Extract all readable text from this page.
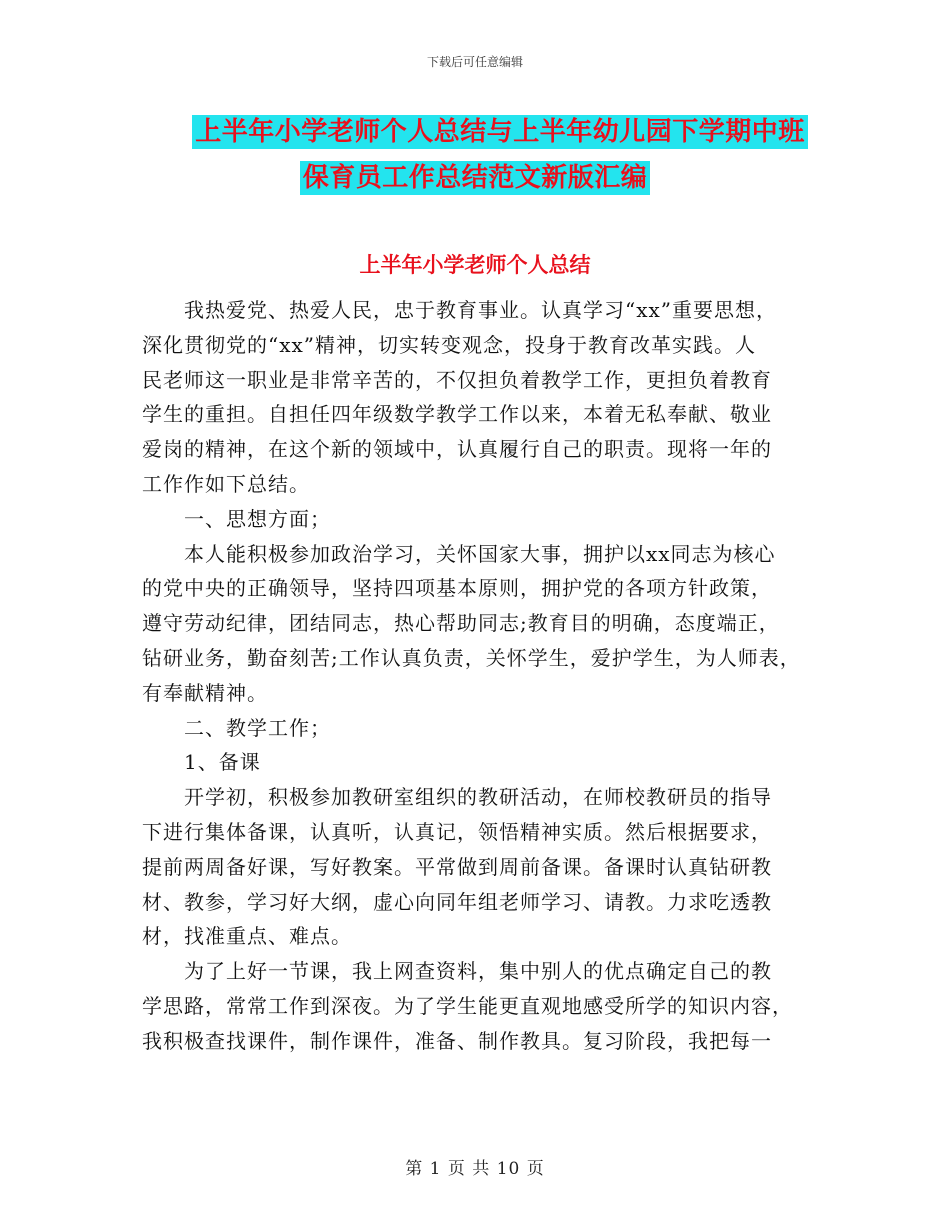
下载后可任意编辑
上半年小学老师个人总结与上半年幼儿园下学期中班
保育员工作总结范文新版汇编
上半年小学老师个人总结

　　我热爱党、热爱人民，忠于教育事业。认真学习“xx”重要思想，

深化贯彻党的“xx”精神，切实转变观念，投身于教育改革实践。人

民老师这一职业是非常辛苦的，不仅担负着教学工作，更担负着教育

学生的重担。自担任四年级数学教学工作以来，本着无私奉献、敬业

爱岗的精神，在这个新的领域中，认真履行自己的职责。现将一年的

工作作如下总结。

　　一、思想方面；

　　本人能积极参加政治学习，关怀国家大事，拥护以xx同志为核心

的党中央的正确领导，坚持四项基本原则，拥护党的各项方针政策，

遵守劳动纪律，团结同志，热心帮助同志;教育目的明确，态度端正，

钻研业务，勤奋刻苦;工作认真负责，关怀学生，爱护学生，为人师表，

有奉献精神。

　　二、教学工作；

　　1、备课

　　开学初，积极参加教研室组织的教研活动，在师校教研员的指导

下进行集体备课，认真听，认真记，领悟精神实质。然后根据要求，

提前两周备好课，写好教案。平常做到周前备课。备课时认真钻研教

材、教参，学习好大纲，虚心向同年组老师学习、请教。力求吃透教

材，找准重点、难点。

　　为了上好一节课，我上网查资料，集中别人的优点确定自己的教

学思路，常常工作到深夜。为了学生能更直观地感受所学的知识内容，

我积极查找课件，制作课件，准备、制作教具。复习阶段，我把每一

第 1 页 共 10 页
